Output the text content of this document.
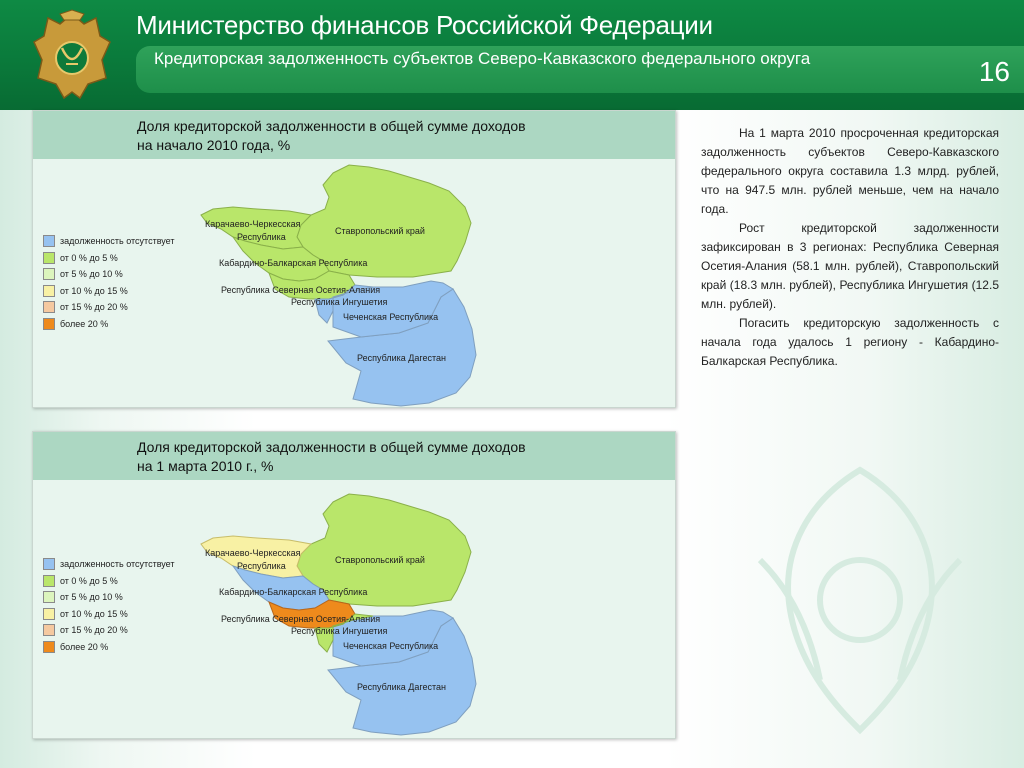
Министерство финансов Российской Федерации
Кредиторская задолженность субъектов Северо-Кавказского федерального округа	16
Доля кредиторской задолженности в общей сумме доходов
на начало 2010 года, %
Карачаево-Черкесская
Республика
Ставропольский край
Кабардино-Балкарская Республика
Республика Северная Осетия-Алания
Республика Ингушетия
Чеченская Республика
Республика Дагестан
задолженность отсутствует
от 0 % до 5 %
от 5 % до 10 %
от 10 % до 15 %
от 15 % до 20 %
более 20 %
Доля кредиторской задолженности в общей сумме доходов
на 1 марта 2010 г., %
Карачаево-Черкесская
Республика
Ставропольский край
Кабардино-Балкарская Республика
Республика Северная Осетия-Алания
Республика Ингушетия
Чеченская Республика
Республика Дагестан
задолженность отсутствует
от 0 % до 5 %
от 5 % до 10 %
от 10 % до 15 %
от 15 % до 20 %
более 20 %

На 1 марта 2010 просроченная кредиторская задолженность субъектов Северо-Кавказского федерального округа составила 1.3 млрд. рублей, что на 947.5 млн. рублей меньше, чем на начало года.

Рост кредиторской задолженности зафиксирован в 3 регионах: Республика Северная Осетия-Алания (58.1 млн. рублей), Ставропольский край (18.3 млн. рублей), Республика Ингушетия (12.5 млн. рублей).

Погасить кредиторскую задолженность с начала года удалось 1 региону - Кабардино-Балкарская Республика.
